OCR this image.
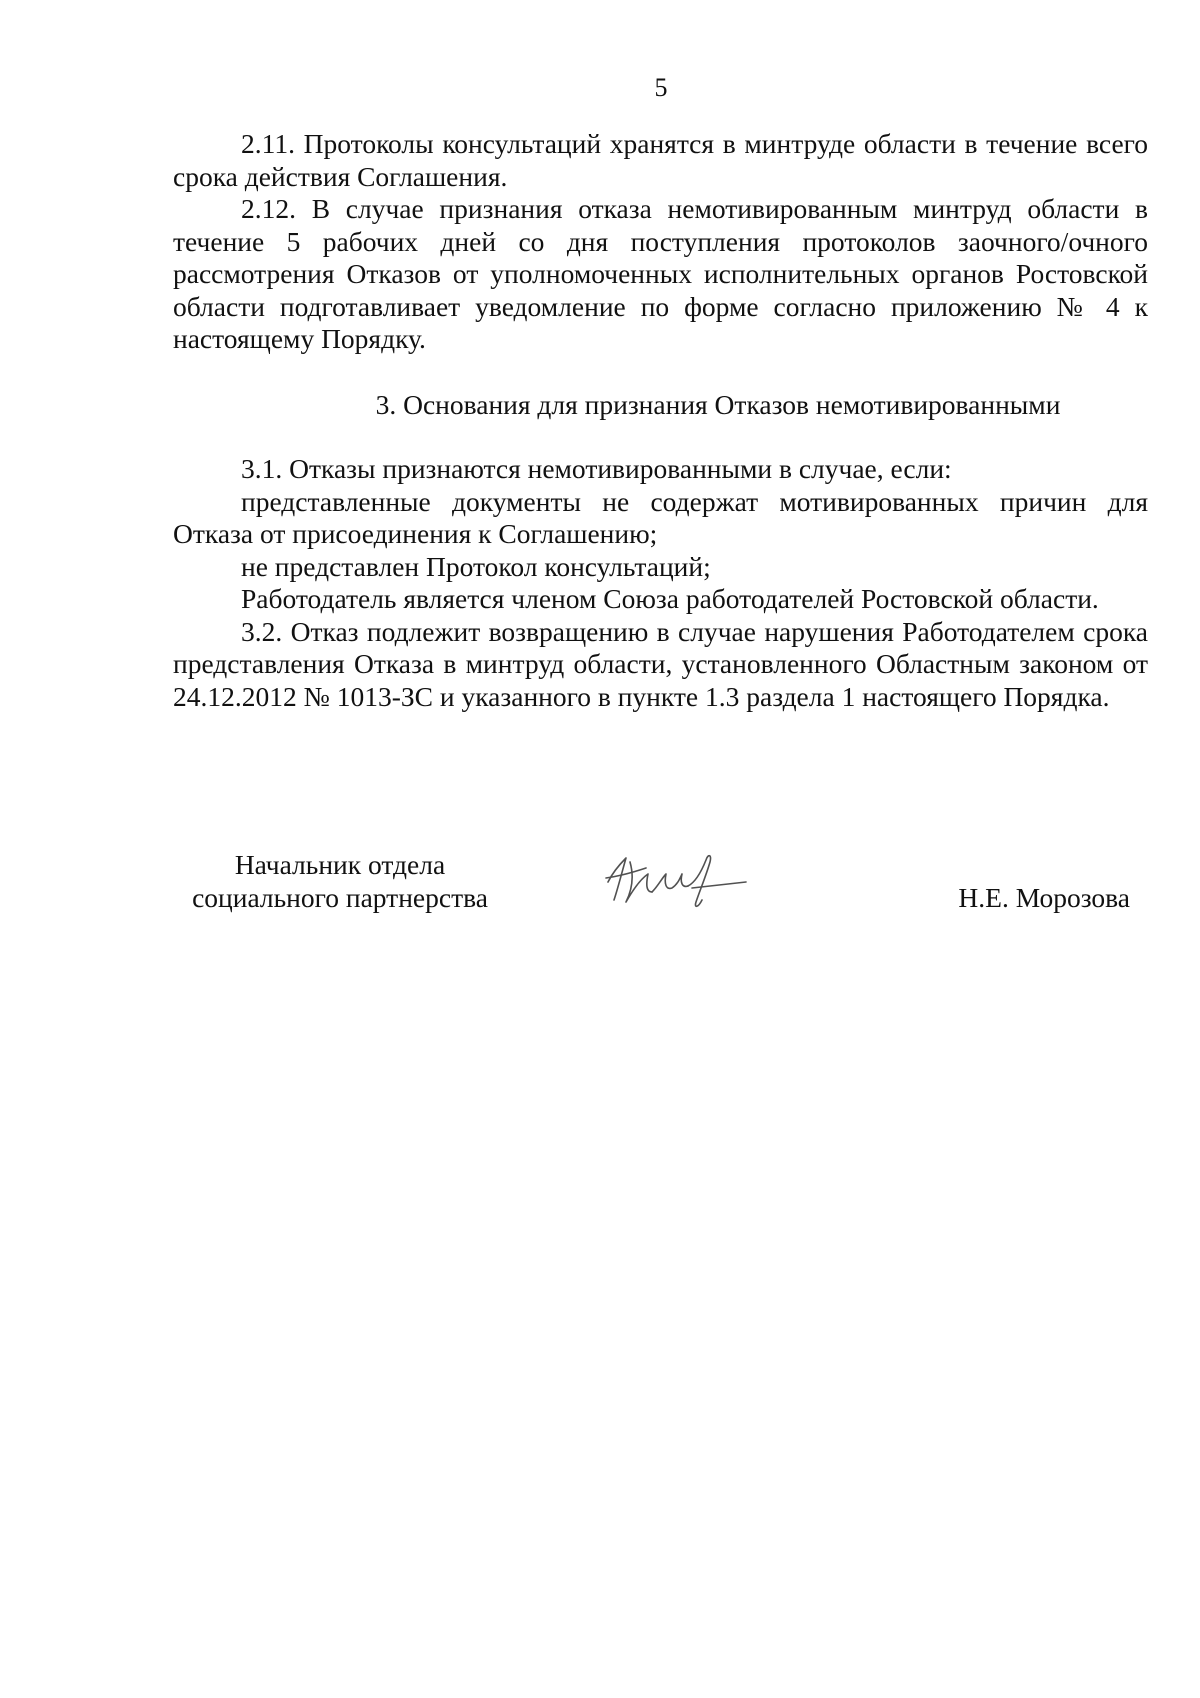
5

2.11. Протоколы консультаций хранятся в минтруде области в течение всего срока действия Соглашения.

2.12. В случае признания отказа немотивированным минтруд области в течение 5 рабочих дней со дня поступления протоколов заочного/очного рассмотрения Отказов от уполномоченных исполнительных органов Ростовской области подготавливает уведомление по форме согласно приложению № 4 к настоящему Порядку.

3. Основания для признания Отказов немотивированными

3.1. Отказы признаются немотивированными в случае, если:

представленные документы не содержат мотивированных причин для Отказа от присоединения к Соглашению;

не представлен Протокол консультаций;

Работодатель является членом Союза работодателей Ростовской области.

3.2. Отказ подлежит возвращению в случае нарушения Работодателем срока представления Отказа в минтруд области, установленного Областным законом от 24.12.2012 № 1013-ЗС и указанного в пункте 1.3 раздела 1 настоящего Порядка.

Начальник отдела
социального партнерства	Н.Е. Морозова
